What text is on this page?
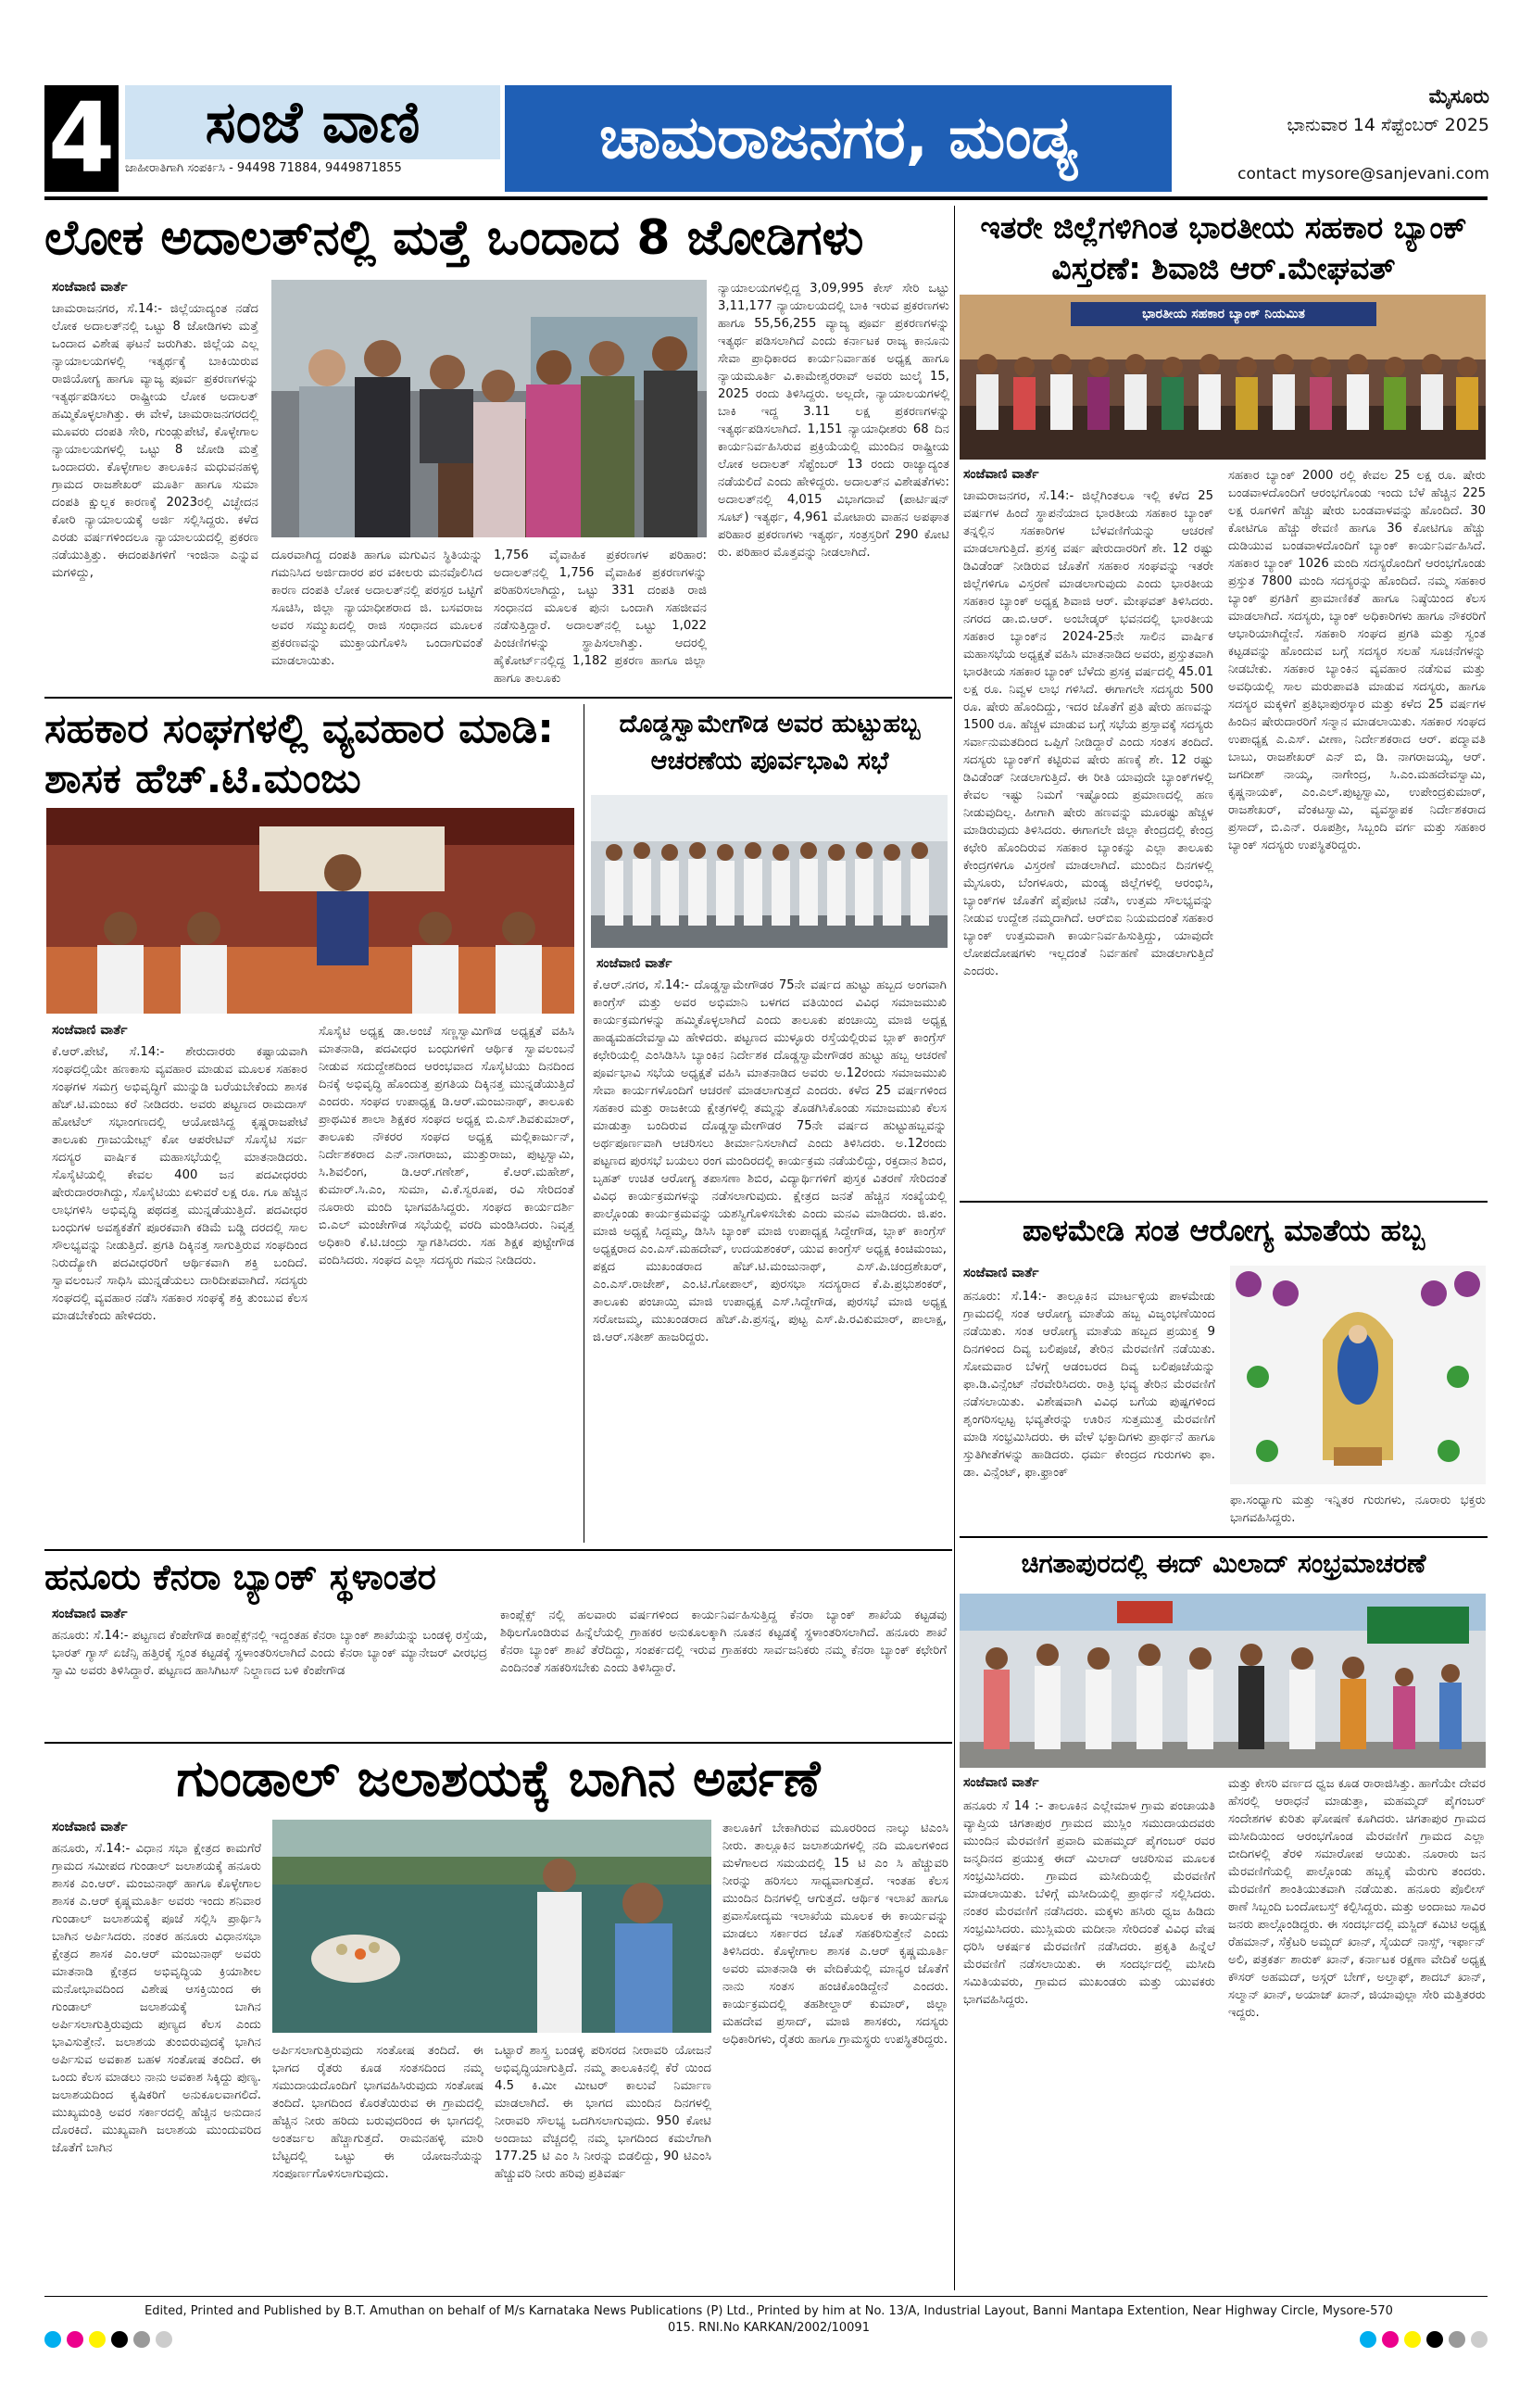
4 ಸಂಜೆ ವಾಣಿ
ಜಾಹೀರಾತಿಗಾಗಿ ಸಂಪರ್ಕಿಸಿ - 94498 71884, 9449871855	ಚಾಮರಾಜನಗರ, ಮಂಡ್ಯ
ಮೈಸೂರು
ಭಾನುವಾರ 14 ಸೆಪ್ಟೆಂಬರ್ 2025
contact mysore@sanjevani.com
ಲೋಕ ಅದಾಲತ್‌ನಲ್ಲಿ ಮತ್ತೆ ಒಂದಾದ 8 ಜೋಡಿಗಳು
ಸಂಜೆವಾಣಿ ವಾರ್ತೆ
ಚಾಮರಾಜನಗರ, ಸೆ.14:- ಜಿಲ್ಲೆಯಾದ್ಯಂತ ನಡೆದ ಲೋಕ ಅದಾಲತ್‌ನಲ್ಲಿ ಒಟ್ಟು 8 ಜೋಡಿಗಳು ಮತ್ತೆ ಒಂದಾದ ವಿಶೇಷ ಘಟನೆ ಜರುಗಿತು. ಜಿಲ್ಲೆಯ ಎಲ್ಲ ನ್ಯಾಯಾಲಯಗಳಲ್ಲಿ ಇತ್ಯರ್ಥಕ್ಕೆ ಬಾಕಿಯಿರುವ ರಾಜಿಯೋಗ್ಯ ಹಾಗೂ ವ್ಯಾಜ್ಯ ಪೂರ್ವ ಪ್ರಕರಣಗಳನ್ನು ಇತ್ಯರ್ಥಪಡಿಸಲು ರಾಷ್ಟ್ರೀಯ ಲೋಕ ಅದಾಲತ್ ಹಮ್ಮಿಕೊಳ್ಳಲಾಗಿತ್ತು. ಈ ವೇಳೆ, ಚಾಮರಾಜನಗರದಲ್ಲಿ ಮೂವರು ದಂಪತಿ ಸೇರಿ, ಗುಂಡ್ಲುಪೇಟೆ, ಕೊಳ್ಳೇಗಾಲ ನ್ಯಾಯಾಲಯಗಳಲ್ಲಿ ಒಟ್ಟು 8 ಜೋಡಿ ಮತ್ತೆ ಒಂದಾದರು. ಕೊಳ್ಳೇಗಾಲ ತಾಲೂಕಿನ ಮಧುವನಹಳ್ಳಿ ಗ್ರಾಮದ ರಾಜಶೇಖರ್ ಮೂರ್ತಿ ಹಾಗೂ ಸುಮಾ ದಂಪತಿ ಕ್ಷುಲ್ಲಕ ಕಾರಣಕ್ಕೆ 2023ರಲ್ಲಿ ವಿಚ್ಛೇದನ ಕೋರಿ ನ್ಯಾಯಾಲಯಕ್ಕೆ ಅರ್ಜಿ ಸಲ್ಲಿಸಿದ್ದರು. ಕಳೆದ ಎರಡು ವರ್ಷಗಳಿಂದಲೂ ನ್ಯಾಯಾಲಯದಲ್ಲಿ ಪ್ರಕರಣ ನಡೆಯುತ್ತಿತ್ತು. ಈದಂಪತಿಗಳಿಗೆ ಇಂಜಿನಾ ಎನ್ನುವ ಮಗಳಿದ್ದು,
ದೂರವಾಗಿದ್ದ ದಂಪತಿ ಹಾಗೂ ಮಗುವಿನ ಸ್ಥಿತಿಯನ್ನು ಗಮನಿಸಿದ ಅರ್ಜಿದಾರರ ಪರ ವಕೀಲರು ಮನವೊಲಿಸಿದ ಕಾರಣ ದಂಪತಿ ಲೋಕ ಅದಾಲತ್‌ನಲ್ಲಿ ಪರಸ್ಪರ ಒಟ್ಟಿಗೆ ಸೂಚಿಸಿ, ಜಿಲ್ಲಾ ನ್ಯಾಯಾಧೀಶರಾದ ಜಿ. ಬಸವರಾಜ ಅವರ ಸಮ್ಮುಖದಲ್ಲಿ ರಾಜಿ ಸಂಧಾನದ ಮೂಲಕ ಪ್ರಕರಣವನ್ನು ಮುಕ್ತಾಯಗೊಳಿಸಿ ಒಂದಾಗುವಂತೆ ಮಾಡಲಾಯಿತು.
1,756 ವೈವಾಹಿಕ ಪ್ರಕರಣಗಳ ಪರಿಹಾರ: ಅದಾಲತ್‌ನಲ್ಲಿ 1,756 ವೈವಾಹಿಕ ಪ್ರಕರಣಗಳನ್ನು ಪರಿಹರಿಸಲಾಗಿದ್ದು, ಒಟ್ಟು 331 ದಂಪತಿ ರಾಜಿ ಸಂಧಾನದ ಮೂಲಕ ಪುನಃ ಒಂದಾಗಿ ಸಹಜೀವನ ನಡೆಸುತ್ತಿದ್ದಾರೆ. ಅದಾಲತ್‌ನಲ್ಲಿ ಒಟ್ಟು 1,022 ಪಿಂಚಣಿಗಳನ್ನು ಸ್ಥಾಪಿಸಲಾಗಿತ್ತು. ಆದರಲ್ಲಿ ಹೈಕೋರ್ಟ್‌ನಲ್ಲಿದ್ದ 1,182 ಪ್ರಕರಣ ಹಾಗೂ ಜಿಲ್ಲಾ ಹಾಗೂ ತಾಲೂಕು
ನ್ಯಾಯಾಲಯಗಳಲ್ಲಿದ್ದ 3,09,995 ಕೇಸ್ ಸೇರಿ ಒಟ್ಟು 3,11,177 ನ್ಯಾಯಾಲಯದಲ್ಲಿ ಬಾಕಿ ಇರುವ ಪ್ರಕರಣಗಳು ಹಾಗೂ 55,56,255 ವ್ಯಾಜ್ಯ ಪೂರ್ವ ಪ್ರಕರಣಗಳನ್ನು ಇತ್ಯರ್ಥ ಪಡಿಸಲಾಗಿದೆ ಎಂದು ಕರ್ನಾಟಕ ರಾಜ್ಯ ಕಾನೂನು ಸೇವಾ ಪ್ರಾಧಿಕಾರದ ಕಾರ್ಯನಿರ್ವಾಹಕ ಅಧ್ಯಕ್ಷ ಹಾಗೂ ನ್ಯಾಯಮೂರ್ತಿ ವಿ.ಕಾಮೇಶ್ವರರಾವ್ ಅವರು ಜುಲೈ 15, 2025 ರಂದು ತಿಳಿಸಿದ್ದರು. ಅಲ್ಲದೇ, ನ್ಯಾಯಾಲಯಗಳಲ್ಲಿ ಬಾಕಿ ಇದ್ದ 3.11 ಲಕ್ಷ ಪ್ರಕರಣಗಳನ್ನು ಇತ್ಯರ್ಥಪಡಿಸಲಾಗಿದೆ. 1,151 ನ್ಯಾಯಾಧೀಶರು 68 ದಿನ ಕಾರ್ಯನಿರ್ವಹಿಸಿರುವ ಪ್ರಕ್ರಿಯೆಯಲ್ಲಿ ಮುಂದಿನ ರಾಷ್ಟ್ರೀಯ ಲೋಕ ಅದಾಲತ್ ಸೆಪ್ಟೆಂಬರ್ 13 ರಂದು ರಾಜ್ಯಾದ್ಯಂತ ನಡೆಯಲಿದೆ ಎಂದು ಹೇಳಿದ್ದರು. ಅದಾಲತ್‌ನ ವಿಶೇಷತೆಗಳು: ಅದಾಲತ್‌ನಲ್ಲಿ 4,015 ವಿಭಾಗದಾವೆ (ಪಾರ್ಟಿಷನ್ ಸೂಟ್) ಇತ್ಯರ್ಥ, 4,961 ಮೋಟಾರು ವಾಹನ ಅಪಘಾತ ಪರಿಹಾರ ಪ್ರಕರಣಗಳು ಇತ್ಯರ್ಥ, ಸಂತ್ರಸ್ತರಿಗೆ 290 ಕೋಟಿ ರು. ಪರಿಹಾರ ಮೊತ್ತವನ್ನು ನೀಡಲಾಗಿದೆ.
ಇತರೇ ಜಿಲ್ಲೆಗಳಿಗಿಂತ ಭಾರತೀಯ ಸಹಕಾರ ಬ್ಯಾಂಕ್ ವಿಸ್ತರಣೆ: ಶಿವಾಜಿ ಆರ್.ಮೇಘವತ್
ಭಾರತೀಯ ಸಹಕಾರ ಬ್ಯಾಂಕ್ ನಿಯಮಿತ
ಸಂಜೆವಾಣಿ ವಾರ್ತೆ
ಚಾಮರಾಜನಗರ, ಸೆ.14:- ಜಿಲ್ಲೆಗಿಂತಲೂ ಇಲ್ಲಿ ಕಳೆದ 25 ವರ್ಷಗಳ ಹಿಂದೆ ಸ್ಥಾಪನೆಯಾದ ಭಾರತೀಯ ಸಹಕಾರ ಬ್ಯಾಂಕ್ ತನ್ನಲ್ಲಿನ ಸಹಕಾರಿಗಳ ಬೆಳವಣಿಗೆಯನ್ನು ಆಚರಣೆ ಮಾಡಲಾಗುತ್ತಿದೆ. ಪ್ರಸಕ್ತ ವರ್ಷ ಷೇರುದಾರರಿಗೆ ಶೇ. 12 ರಷ್ಟು ಡಿವಿಡೆಂಡ್ ನೀಡಿರುವ ಜೊತೆಗೆ ಸಹಕಾರ ಸಂಘವನ್ನು ಇತರೇ ಜಿಲ್ಲೆಗಳಿಗೂ ವಿಸ್ತರಣೆ ಮಾಡಲಾಗುವುದು ಎಂದು ಭಾರತೀಯ ಸಹಕಾರ ಬ್ಯಾಂಕ್ ಅಧ್ಯಕ್ಷ ಶಿವಾಜಿ ಆರ್. ಮೇಘವತ್ ತಿಳಿಸಿದರು. ನಗರದ ಡಾ.ಬಿ.ಆರ್. ಅಂಬೇಡ್ಕರ್ ಭವನದಲ್ಲಿ ಭಾರತೀಯ ಸಹಕಾರ ಬ್ಯಾಂಕ್‌ನ 2024-25ನೇ ಸಾಲಿನ ವಾರ್ಷಿಕ ಮಹಾಸಭೆಯ ಅಧ್ಯಕ್ಷತೆ ವಹಿಸಿ ಮಾತನಾಡಿದ ಅವರು, ಪ್ರಸ್ತುತವಾಗಿ ಭಾರತೀಯ ಸಹಕಾರ ಬ್ಯಾಂಕ್ ಬೆಳೆದು ಪ್ರಸಕ್ತ ವರ್ಷದಲ್ಲಿ 45.01 ಲಕ್ಷ ರೂ. ನಿವ್ವಳ ಲಾಭ ಗಳಿಸಿದೆ. ಈಗಾಗಲೇ ಸದಸ್ಯರು 500 ರೂ. ಷೇರು ಹೊಂದಿದ್ದು, ಇದರ ಜೊತೆಗೆ ಪ್ರತಿ ಷೇರು ಹಣವನ್ನು 1500 ರೂ. ಹೆಚ್ಚಳ ಮಾಡುವ ಬಗ್ಗೆ ಸಭೆಯ ಪ್ರಸ್ತಾವಕ್ಕೆ ಸದಸ್ಯರು ಸರ್ವಾನುಮತದಿಂದ ಒಪ್ಪಿಗೆ ನೀಡಿದ್ದಾರೆ ಎಂದು ಸಂತಸ ತಂದಿದೆ. ಸದಸ್ಯರು ಬ್ಯಾಂಕ್‌ಗೆ ಕಟ್ಟಿರುವ ಷೇರು ಹಣಕ್ಕೆ ಶೇ. 12 ರಷ್ಟು ಡಿವಿಡೆಂಡ್ ನೀಡಲಾಗುತ್ತಿದೆ. ಈ ರೀತಿ ಯಾವುದೇ ಬ್ಯಾಂಕ್‌ಗಳಲ್ಲಿ ಕೇವಲ ಇಷ್ಟು ನಿಮಗೆ ಇಷ್ಟೊಂದು ಪ್ರಮಾಣದಲ್ಲಿ ಹಣ ನೀಡುವುದಿಲ್ಲ. ಹೀಗಾಗಿ ಷೇರು ಹಣವನ್ನು ಮೂರಷ್ಟು ಹೆಚ್ಚಳ ಮಾಡಿರುವುದು ತಿಳಿಸಿದರು. ಈಗಾಗಲೇ ಜಿಲ್ಲಾ ಕೇಂದ್ರದಲ್ಲಿ ಕೇಂದ್ರ ಕಛೇರಿ ಹೊಂದಿರುವ ಸಹಕಾರ ಬ್ಯಾಂಕನ್ನು ಎಲ್ಲಾ ತಾಲೂಕು ಕೇಂದ್ರಗಳಿಗೂ ವಿಸ್ತರಣೆ ಮಾಡಲಾಗಿದೆ. ಮುಂದಿನ ದಿನಗಳಲ್ಲಿ ಮೈಸೂರು, ಬೆಂಗಳೂರು, ಮಂಡ್ಯ ಜಿಲ್ಲೆಗಳಲ್ಲಿ ಆರಂಭಿಸಿ, ಬ್ಯಾಂಕ್‌ಗಳ ಜೊತೆಗೆ ಪೈಪೋಟಿ ನಡೆಸಿ, ಉತ್ತಮ ಸೌಲಭ್ಯವನ್ನು ನೀಡುವ ಉದ್ದೇಶ ನಮ್ಮದಾಗಿದೆ. ಆರ್‌ಬಿಐ ನಿಯಮದಂತೆ ಸಹಕಾರ ಬ್ಯಾಂಕ್ ಉತ್ತಮವಾಗಿ ಕಾರ್ಯನಿರ್ವಹಿಸುತ್ತಿದ್ದು, ಯಾವುದೇ ಲೋಪದೋಷಗಳು ಇಲ್ಲದಂತೆ ನಿರ್ವಹಣೆ ಮಾಡಲಾಗುತ್ತಿದೆ ಎಂದರು.
ಸಹಕಾರ ಬ್ಯಾಂಕ್ 2000 ರಲ್ಲಿ ಕೇವಲ 25 ಲಕ್ಷ ರೂ. ಷೇರು ಬಂಡವಾಳದೊಂದಿಗೆ ಆರಂಭಗೊಂಡು ಇಂದು ಬೆಳೆ ಹೆಚ್ಚಿನ 225 ಲಕ್ಷ ರೂಗಳಿಗೆ ಹೆಚ್ಚು ಷೇರು ಬಂಡವಾಳವನ್ನು ಹೊಂದಿದೆ. 30 ಕೋಟಿಗೂ ಹೆಚ್ಚು ಠೇವಣಿ ಹಾಗೂ 36 ಕೋಟಿಗೂ ಹೆಚ್ಚು ದುಡಿಯುವ ಬಂಡವಾಳದೊಂದಿಗೆ ಬ್ಯಾಂಕ್ ಕಾರ್ಯನಿರ್ವಹಿಸಿದೆ. ಸಹಕಾರ ಬ್ಯಾಂಕ್ 1026 ಮಂದಿ ಸದಸ್ಯರೊಂದಿಗೆ ಆರಂಭಗೊಂಡು ಪ್ರಸ್ತುತ 7800 ಮಂದಿ ಸದಸ್ಯರನ್ನು ಹೊಂದಿದೆ. ನಮ್ಮ ಸಹಕಾರ ಬ್ಯಾಂಕ್ ಪ್ರಗತಿಗೆ ಪ್ರಾಮಾಣಿಕತೆ ಹಾಗೂ ನಿಷ್ಠೆಯಿಂದ ಕೆಲಸ ಮಾಡಲಾಗಿದೆ. ಸದಸ್ಯರು, ಬ್ಯಾಂಕ್ ಅಧಿಕಾರಿಗಳು ಹಾಗೂ ನೌಕರರಿಗೆ ಆಭಾರಿಯಾಗಿದ್ದೇನೆ. ಸಹಕಾರಿ ಸಂಘದ ಪ್ರಗತಿ ಮತ್ತು ಸ್ವಂತ ಕಟ್ಟಡವನ್ನು ಹೊಂದುವ ಬಗ್ಗೆ ಸದಸ್ಯರ ಸಲಹೆ ಸೂಚನೆಗಳನ್ನು ನೀಡಬೇಕು. ಸಹಕಾರ ಬ್ಯಾಂಕಿನ ವ್ಯವಹಾರ ನಡೆಸುವ ಮತ್ತು ಅವಧಿಯಲ್ಲಿ ಸಾಲ ಮರುಪಾವತಿ ಮಾಡುವ ಸದಸ್ಯರು, ಹಾಗೂ ಸದಸ್ಯರ ಮಕ್ಕಳಿಗೆ ಪ್ರತಿಭಾಪುರಸ್ಕಾರ ಮತ್ತು ಕಳೆದ 25 ವರ್ಷಗಳ ಹಿಂದಿನ ಷೇರುದಾರರಿಗೆ ಸನ್ಮಾನ ಮಾಡಲಾಯಿತು. ಸಹಕಾರ ಸಂಘದ ಉಪಾಧ್ಯಕ್ಷ ಎ.ಎಸ್. ವೀಣಾ, ನಿರ್ದೇಶಕರಾದ ಆರ್. ಪದ್ಮಾವತಿ ಬಾಬು, ರಾಜಶೇಖರ್ ಎನ್ ಬಿ, ಡಿ. ನಾಗರಾಜಯ್ಯ, ಆರ್. ಜಗದೀಶ್ ನಾಯ್ಕ, ನಾಗೇಂದ್ರ, ಸಿ.ಎಂ.ಮಹದೇವಸ್ವಾಮಿ, ಕೃಷ್ಣನಾಯಕ್, ಎಂ.ಎಲ್.ಪುಟ್ಟಸ್ವಾಮಿ, ಉಪೇಂದ್ರಕುಮಾರ್, ರಾಜಶೇಖರ್, ವೆಂಕಟಸ್ವಾಮಿ, ವ್ಯವಸ್ಥಾಪಕ ನಿರ್ದೇಶಕರಾದ ಪ್ರಸಾದ್, ಬಿ.ಎನ್. ರೂಪಶ್ರೀ, ಸಿಬ್ಬಂದಿ ವರ್ಗ ಮತ್ತು ಸಹಕಾರ ಬ್ಯಾಂಕ್ ಸದಸ್ಯರು ಉಪಸ್ಥಿತರಿದ್ದರು.
ಸಹಕಾರ ಸಂಘಗಳಲ್ಲಿ ವ್ಯವಹಾರ ಮಾಡಿ: ಶಾಸಕ ಹೆಚ್.ಟಿ.ಮಂಜು
ಸಂಜೆವಾಣಿ ವಾರ್ತೆ
ಕೆ.ಆರ್.ಪೇಟೆ, ಸೆ.14:- ಶೇರುದಾರರು ಕಷ್ಟಾಯವಾಗಿ ಸಂಘದಲ್ಲಿಯೇ ಹಣಕಾಸು ವ್ಯವಹಾರ ಮಾಡುವ ಮೂಲಕ ಸಹಕಾರ ಸಂಘಗಳ ಸಮಗ್ರ ಅಭಿವೃದ್ಧಿಗೆ ಮುನ್ನುಡಿ ಬರೆಯಬೇಕೆಂದು ಶಾಸಕ ಹೆಚ್.ಟಿ.ಮಂಜು ಕರೆ ನೀಡಿದರು. ಅವರು ಪಟ್ಟಣದ ರಾಮದಾಸ್ ಹೋಟೆಲ್ ಸಭಾಂಗಣದಲ್ಲಿ ಆಯೋಜಿಸಿದ್ದ ಕೃಷ್ಣರಾಜಪೇಟೆ ತಾಲೂಕು ಗ್ರಾಜುಯೇಟ್ಸ್ ಕೋ ಆಪರೇಟಿವ್ ಸೊಸೈಟಿ ಸರ್ವ ಸದಸ್ಯರ ವಾರ್ಷಿಕ ಮಹಾಸಭೆಯಲ್ಲಿ ಮಾತನಾಡಿದರು. ಸೊಸೈಟಿಯಲ್ಲಿ ಕೇವಲ 400 ಜನ ಪದವೀಧರರು ಷೇರುದಾರರಾಗಿದ್ದು, ಸೊಸೈಟಿಯು ಏಳುವರೆ ಲಕ್ಷ ರೂ. ಗೂ ಹೆಚ್ಚಿನ ಲಾಭಗಳಿಸಿ ಅಭಿವೃದ್ಧಿ ಪಥದತ್ತ ಮುನ್ನಡೆಯುತ್ತಿದೆ. ಪದವೀಧರ ಬಂಧುಗಳ ಅವಶ್ಯಕತೆಗೆ ಪೂರಕವಾಗಿ ಕಡಿಮೆ ಬಡ್ಡಿ ದರದಲ್ಲಿ ಸಾಲ ಸೌಲಭ್ಯವನ್ನು ನೀಡುತ್ತಿದೆ. ಪ್ರಗತಿ ದಿಕ್ಕಿನತ್ತ ಸಾಗುತ್ತಿರುವ ಸಂಘದಿಂದ ನಿರುದ್ಯೋಗಿ ಪದವೀಧರರಿಗೆ ಆರ್ಥಿಕವಾಗಿ ಶಕ್ತಿ ಬಂದಿದೆ. ಸ್ವಾವಲಂಬನೆ ಸಾಧಿಸಿ ಮುನ್ನಡೆಯಲು ದಾರಿದೀಪವಾಗಿದೆ. ಸದಸ್ಯರು ಸಂಘದಲ್ಲಿ ವ್ಯವಹಾರ ನಡೆಸಿ ಸಹಕಾರ ಸಂಘಕ್ಕೆ ಶಕ್ತಿ ತುಂಬುವ ಕೆಲಸ ಮಾಡಬೇಕೆಂದು ಹೇಳಿದರು.
ಸೊಸೈಟಿ ಅಧ್ಯಕ್ಷ ಡಾ.ಅಂಚೆ ಸಣ್ಣಸ್ವಾಮಿಗೌಡ ಅಧ್ಯಕ್ಷತೆ ವಹಿಸಿ ಮಾತನಾಡಿ, ಪದವೀಧರ ಬಂಧುಗಳಿಗೆ ಆರ್ಥಿಕ ಸ್ವಾವಲಂಬನೆ ನೀಡುವ ಸದುದ್ದೇಶದಿಂದ ಆರಂಭವಾದ ಸೊಸೈಟಿಯು ದಿನದಿಂದ ದಿನಕ್ಕೆ ಅಭಿವೃದ್ಧಿ ಹೊಂದುತ್ತ ಪ್ರಗತಿಯ ದಿಕ್ಕಿನತ್ತ ಮುನ್ನಡೆಯುತ್ತಿದೆ ಎಂದರು. ಸಂಘದ ಉಪಾಧ್ಯಕ್ಷ ಡಿ.ಆರ್.ಮಂಜುನಾಥ್, ತಾಲೂಕು ಪ್ರಾಥಮಿಕ ಶಾಲಾ ಶಿಕ್ಷಕರ ಸಂಘದ ಅಧ್ಯಕ್ಷ ಬಿ.ಎಸ್.ಶಿವಕುಮಾರ್, ತಾಲೂಕು ನೌಕರರ ಸಂಘದ ಅಧ್ಯಕ್ಷ ಮಲ್ಲಿಕಾರ್ಜುನ್, ನಿರ್ದೇಶಕರಾದ ಎನ್.ನಾಗರಾಜು, ಮುತ್ತುರಾಜು, ಪುಟ್ಟಸ್ವಾಮಿ, ಸಿ.ಶಿವಲಿಂಗ, ಡಿ.ಆರ್.ಗಣೇಶ್, ಕೆ.ಆರ್.ಮಹೇಶ್, ಕುಮಾರ್.ಸಿ.ಎಂ, ಸುಮಾ, ವಿ.ಕೆ.ಸ್ವರೂಪ, ರವಿ ಸೇರಿದಂತೆ ನೂರಾರು ಮಂದಿ ಭಾಗವಹಿಸಿದ್ದರು. ಸಂಘದ ಕಾರ್ಯದರ್ಶಿ ಬಿ.ಎಲ್ ಮಂಜೇಗೌಡ ಸಭೆಯಲ್ಲಿ ವರದಿ ಮಂಡಿಸಿದರು. ನಿವೃತ್ತ ಅಧಿಕಾರಿ ಕೆ.ಟಿ.ಚಂದ್ರು ಸ್ವಾಗತಿಸಿದರು. ಸಹ ಶಿಕ್ಷಕ ಪುಟ್ಟೇಗೌಡ ವಂದಿಸಿದರು. ಸಂಘದ ಎಲ್ಲಾ ಸದಸ್ಯರು ಗಮನ ನೀಡಿದರು.
ದೊಡ್ಡಸ್ವಾಮೇಗೌಡ ಅವರ ಹುಟ್ಟುಹಬ್ಬ ಆಚರಣೆಯ ಪೂರ್ವಭಾವಿ ಸಭೆ
ಸಂಜೆವಾಣಿ ವಾರ್ತೆ
ಕೆ.ಆರ್.ನಗರ, ಸೆ.14:- ದೊಡ್ಡಸ್ವಾಮೇಗೌಡರ 75ನೇ ವರ್ಷದ ಹುಟ್ಟು ಹಬ್ಬದ ಅಂಗವಾಗಿ ಕಾಂಗ್ರೆಸ್ ಮತ್ತು ಅವರ ಅಭಿಮಾನಿ ಬಳಗದ ವತಿಯಿಂದ ವಿವಿಧ ಸಮಾಜಮುಖಿ ಕಾರ್ಯಕ್ರಮಗಳನ್ನು ಹಮ್ಮಿಕೊಳ್ಳಲಾಗಿದೆ ಎಂದು ತಾಲೂಕು ಪಂಚಾಯ್ತಿ ಮಾಜಿ ಅಧ್ಯಕ್ಷ ಹಾಡ್ಯಮಹದೇವಸ್ವಾಮಿ ಹೇಳಿದರು. ಪಟ್ಟಣದ ಮುಳ್ಳೂರು ರಸ್ತೆಯಲ್ಲಿರುವ ಬ್ಲಾಕ್ ಕಾಂಗ್ರೆಸ್ ಕಛೇರಿಯಲ್ಲಿ ಎಂಸಿಡಿಸಿಸಿ ಬ್ಯಾಂಕಿನ ನಿರ್ದೇಶಕ ದೊಡ್ಡಸ್ವಾಮೇಗೌಡರ ಹುಟ್ಟು ಹಬ್ಬ ಆಚರಣೆ ಪೂರ್ವಭಾವಿ ಸಭೆಯ ಅಧ್ಯಕ್ಷತೆ ವಹಿಸಿ ಮಾತನಾಡಿದ ಅವರು ಅ.12ರಂದು ಸಮಾಜಮುಖಿ ಸೇವಾ ಕಾರ್ಯಗಳೊಂದಿಗೆ ಆಚರಣೆ ಮಾಡಲಾಗುತ್ತದೆ ಎಂದರು. ಕಳೆದ 25 ವರ್ಷಗಳಿಂದ ಸಹಕಾರ ಮತ್ತು ರಾಜಕೀಯ ಕ್ಷೇತ್ರಗಳಲ್ಲಿ ತಮ್ಮನ್ನು ತೊಡಗಿಸಿಕೊಂಡು ಸಮಾಜಮುಖಿ ಕೆಲಸ ಮಾಡುತ್ತಾ ಬಂದಿರುವ ದೊಡ್ಡಸ್ವಾಮೇಗೌಡರ 75ನೇ ವರ್ಷದ ಹುಟ್ಟುಹಬ್ಬವನ್ನು ಅರ್ಥಪೂರ್ಣವಾಗಿ ಆಚರಿಸಲು ತೀರ್ಮಾನಿಸಲಾಗಿದೆ ಎಂದು ತಿಳಿಸಿದರು. ಅ.12ರಂದು ಪಟ್ಟಣದ ಪುರಸಭೆ ಬಯಲು ರಂಗ ಮಂದಿರದಲ್ಲಿ ಕಾರ್ಯಕ್ರಮ ನಡೆಯಲಿದ್ದು, ರಕ್ತದಾನ ಶಿಬಿರ, ಬೃಹತ್ ಉಚಿತ ಆರೋಗ್ಯ ತಪಾಸಣಾ ಶಿಬಿರ, ವಿದ್ಯಾರ್ಥಿಗಳಿಗೆ ಪುಸ್ತಕ ವಿತರಣೆ ಸೇರಿದಂತೆ ವಿವಿಧ ಕಾರ್ಯಕ್ರಮಗಳನ್ನು ನಡೆಸಲಾಗುವುದು. ಕ್ಷೇತ್ರದ ಜನತೆ ಹೆಚ್ಚಿನ ಸಂಖ್ಯೆಯಲ್ಲಿ ಪಾಲ್ಗೊಂಡು ಕಾರ್ಯಕ್ರಮವನ್ನು ಯಶಸ್ವಿಗೊಳಿಸಬೇಕು ಎಂದು ಮನವಿ ಮಾಡಿದರು. ಜಿ.ಪಂ. ಮಾಜಿ ಅಧ್ಯಕ್ಷೆ ಸಿದ್ದಮ್ಮ, ಡಿಸಿಸಿ ಬ್ಯಾಂಕ್ ಮಾಜಿ ಉಪಾಧ್ಯಕ್ಷ ಸಿದ್ದೇಗೌಡ, ಬ್ಲಾಕ್ ಕಾಂಗ್ರೆಸ್ ಅಧ್ಯಕ್ಷರಾದ ಎಂ.ಎಸ್.ಮಹದೇವ್, ಉದಯಶಂಕರ್, ಯುವ ಕಾಂಗ್ರೆಸ್ ಅಧ್ಯಕ್ಷ ಕಿಂಚಿಮಂಜು, ಪಕ್ಷದ ಮುಖಂಡರಾದ ಹೆಚ್.ಟಿ.ಮಂಜುನಾಥ್, ಎಸ್.ಪಿ.ಚಂದ್ರಶೇಖರ್, ಎಂ.ಎಸ್.ರಾಜೇಶ್, ಎಂ.ಟಿ.ಗೋಪಾಲ್, ಪುರಸಭಾ ಸದಸ್ಯರಾದ ಕೆ.ಪಿ.ಪ್ರಭುಶಂಕರ್, ತಾಲೂಕು ಪಂಚಾಯ್ತಿ ಮಾಜಿ ಉಪಾಧ್ಯಕ್ಷ ಎಸ್.ಸಿದ್ದೇಗೌಡ, ಪುರಸಭೆ ಮಾಜಿ ಅಧ್ಯಕ್ಷ ಸರೋಜಮ್ಮ, ಮುಖಂಡರಾದ ಹೆಚ್.ಪಿ.ಪ್ರಸನ್ನ, ಪುಟ್ಟ ಎಸ್.ಪಿ.ರವಿಕುಮಾರ್, ಪಾಲಾಕ್ಷ, ಜಿ.ಆರ್.ಸತೀಶ್ ಹಾಜರಿದ್ದರು.
ಪಾಳಮೇಡಿ ಸಂತ ಆರೋಗ್ಯ ಮಾತೆಯ ಹಬ್ಬ
ಸಂಜೆವಾಣಿ ವಾರ್ತೆ
ಹನೂರು: ಸೆ.14:- ತಾಲ್ಲೂಕಿನ ಮಾರ್ಟಳ್ಳಿಯ ಪಾಳಮೇಡು ಗ್ರಾಮದಲ್ಲಿ ಸಂತ ಆರೋಗ್ಯ ಮಾತೆಯ ಹಬ್ಬ ವಿಜೃಂಭಣೆಯಿಂದ ನಡೆಯಿತು. ಸಂತ ಆರೋಗ್ಯ ಮಾತೆಯ ಹಬ್ಬದ ಪ್ರಯುಕ್ತ 9 ದಿನಗಳಿಂದ ದಿವ್ಯ ಬಲಿಪೂಜೆ, ತೇರಿನ ಮೆರವಣಿಗೆ ನಡೆಯಿತು. ಸೋಮವಾರ ಬೆಳಗ್ಗೆ ಆಡಂಬರದ ದಿವ್ಯ ಬಲಿಪೂಜೆಯನ್ನು ಫಾ.ಡಿ.ವಿನ್ಸೆಂಟ್ ನೆರವೇರಿಸಿದರು. ರಾತ್ರಿ ಭವ್ಯ ತೇರಿನ ಮೆರವಣಿಗೆ ನಡೆಸಲಾಯಿತು. ವಿಶೇಷವಾಗಿ ವಿವಿಧ ಬಗೆಯ ಪುಷ್ಪಗಳಿಂದ ಶೃಂಗರಿಸಲ್ಪಟ್ಟ ಭವ್ಯತೇರನ್ನು ಊರಿನ ಸುತ್ತಮುತ್ತ ಮೆರವಣಿಗೆ ಮಾಡಿ ಸಂಭ್ರಮಿಸಿದರು. ಈ ವೇಳೆ ಭಕ್ತಾದಿಗಳು ಪ್ರಾರ್ಥನೆ ಹಾಗೂ ಸ್ತುತಿಗೀತೆಗಳನ್ನು ಹಾಡಿದರು. ಧರ್ಮ ಕೇಂದ್ರದ ಗುರುಗಳು ಫಾ. ಡಾ. ವಿನ್ಸೆಂಟ್, ಫಾ.ಫ್ರಾಂಕ್
ಫಾ.ಸಂಧ್ಯಾಗು ಮತ್ತು ಇನ್ನಿತರ ಗುರುಗಳು, ನೂರಾರು ಭಕ್ತರು ಭಾಗವಹಿಸಿದ್ದರು.
ಹನೂರು ಕೆನರಾ ಬ್ಯಾಂಕ್ ಸ್ಥಳಾಂತರ
ಸಂಜೆವಾಣಿ ವಾರ್ತೆ
ಹನೂರು: ಸೆ.14:- ಪಟ್ಟಣದ ಕೆಂಪೇಗೌಡ ಕಾಂಪ್ಲೆಕ್ಸ್‌ನಲ್ಲಿ ಇದ್ದಂತಹ ಕೆನರಾ ಬ್ಯಾಂಕ್ ಶಾಖೆಯನ್ನು ಬಂಡಳ್ಳಿ ರಸ್ತೆಯ, ಭಾರತ್ ಗ್ಯಾಸ್ ಏಜೆನ್ಸಿ ಹತ್ತಿರಕ್ಕೆ ಸ್ವಂತ ಕಟ್ಟಡಕ್ಕೆ ಸ್ಥಳಾಂತರಿಸಲಾಗಿದೆ ಎಂದು ಕೆನರಾ ಬ್ಯಾಂಕ್ ಮ್ಯಾನೇಜರ್ ವೀರಭದ್ರ ಸ್ವಾಮಿ ಅವರು ತಿಳಿಸಿದ್ದಾರೆ. ಪಟ್ಟಣದ ಹಾಸಿಗಿಟಸ್ ನಿಲ್ದಾಣದ ಬಳಿ ಕೆಂಪೇಗೌಡ
ಕಾಂಪ್ಲೆಕ್ಸ್ ನಲ್ಲಿ ಹಲವಾರು ವರ್ಷಗಳಿಂದ ಕಾರ್ಯನಿರ್ವಹಿಸುತ್ತಿದ್ದ ಕೆನರಾ ಬ್ಯಾಂಕ್ ಶಾಖೆಯ ಕಟ್ಟಡವು ಶಿಥಿಲಗೊಂಡಿರುವ ಹಿನ್ನೆಲೆಯಲ್ಲಿ ಗ್ರಾಹಕರ ಅನುಕೂಲಕ್ಕಾಗಿ ನೂತನ ಕಟ್ಟಡಕ್ಕೆ ಸ್ಥಳಾಂತರಿಸಲಾಗಿದೆ. ಹನೂರು ಶಾಖೆ ಕೆನರಾ ಬ್ಯಾಂಕ್ ಶಾಖೆ ತೆರೆದಿದ್ದು, ಸಂಪರ್ಕದಲ್ಲಿ ಇರುವ ಗ್ರಾಹಕರು ಸಾರ್ವಜನಿಕರು ನಮ್ಮ ಕೆನರಾ ಬ್ಯಾಂಕ್ ಕಛೇರಿಗೆ ಎಂದಿನಂತೆ ಸಹಕರಿಸಬೇಕು ಎಂದು ತಿಳಿಸಿದ್ದಾರೆ.
ಚಿಗತಾಪುರದಲ್ಲಿ ಈದ್ ಮಿಲಾದ್ ಸಂಭ್ರಮಾಚರಣೆ
ಸಂಜೆವಾಣಿ ವಾರ್ತೆ
ಹನೂರು ಸೆ 14 :- ತಾಲೂಕಿನ ಎಲ್ಲೇಮಾಳ ಗ್ರಾಮ ಪಂಚಾಯತಿ ವ್ಯಾಪ್ತಿಯ ಚಿಗತಾಪುರ ಗ್ರಾಮದ ಮುಸ್ಲಿಂ ಸಮುದಾಯದವರು ಮುಂದಿನ ಮೆರವಣಿಗೆ ಪ್ರವಾದಿ ಮಹಮ್ಮದ್ ಪೈಗಂಬರ್ ರವರ ಜನ್ಮದಿನದ ಪ್ರಯುಕ್ತ ಈದ್ ಮಿಲಾದ್ ಆಚರಿಸುವ ಮೂಲಕ ಸಂಭ್ರಮಿಸಿದರು. ಗ್ರಾಮದ ಮಸೀದಿಯಲ್ಲಿ ಮೆರವಣಿಗೆ ಮಾಡಲಾಯಿತು. ಬೆಳಿಗ್ಗೆ ಮಸೀದಿಯಲ್ಲಿ ಪ್ರಾರ್ಥನೆ ಸಲ್ಲಿಸಿದರು. ನಂತರ ಮೆರವಣಿಗೆ ನಡೆಸಿದರು. ಮಕ್ಕಳು ಹಸಿರು ಧ್ವಜ ಹಿಡಿದು ಸಂಭ್ರಮಿಸಿದರು. ಮುಸ್ಲಿಮರು ಮದೀನಾ ಸೇರಿದಂತೆ ವಿವಿಧ ವೇಷ ಧರಿಸಿ ಆಕರ್ಷಕ ಮೆರವಣಿಗೆ ನಡೆಸಿದರು. ಪ್ರಕೃತಿ ಹಿನ್ನೆಲೆ ಮೆರವಣಿಗೆ ನಡೆಸಲಾಯಿತು. ಈ ಸಂದರ್ಭದಲ್ಲಿ ಮಸೀದಿ ಸಮಿತಿಯವರು, ಗ್ರಾಮದ ಮುಖಂಡರು ಮತ್ತು ಯುವಕರು ಭಾಗವಹಿಸಿದ್ದರು.
ಮತ್ತು ಕೇಸರಿ ವರ್ಣದ ಧ್ವಜ ಕೂಡ ರಾರಾಜಿಸಿತ್ತು. ಹಾಗೆಯೇ ದೇವರ ಹೆಸರಲ್ಲಿ ಆರಾಧನೆ ಮಾಡುತ್ತಾ, ಮಹಮ್ಮದ್ ಪೈಗಂಬರ್ ಸಂದೇಶಗಳ ಕುರಿತು ಘೋಷಣೆ ಕೂಗಿದರು. ಚಿಗತಾಪುರ ಗ್ರಾಮದ ಮಸೀದಿಯಿಂದ ಆರಂಭಗೊಂಡ ಮೆರವಣಿಗೆ ಗ್ರಾಮದ ಎಲ್ಲಾ ಬೀದಿಗಳಲ್ಲಿ ತೆರಳಿ ಸಮಾರೋಪ ಆಯಿತು. ನೂರಾರು ಜನ ಮೆರವಣಿಗೆಯಲ್ಲಿ ಪಾಲ್ಗೊಂಡು ಹಬ್ಬಕ್ಕೆ ಮೆರುಗು ತಂದರು. ಮೆರವಣಿಗೆ ಶಾಂತಿಯುತವಾಗಿ ನಡೆಯಿತು. ಹನೂರು ಪೊಲೀಸ್ ಠಾಣೆ ಸಿಬ್ಬಂದಿ ಬಂದೋಬಸ್ತ್ ಕಲ್ಪಿಸಿದ್ದರು. ಮತ್ತು ಅಂದಾಜು ಸಾವಿರ ಜನರು ಪಾಲ್ಗೊಂಡಿದ್ದರು. ಈ ಸಂದರ್ಭದಲ್ಲಿ ಮಸ್ಜಿದ್ ಕಮಿಟಿ ಅಧ್ಯಕ್ಷ ರೆಹಮಾನ್, ಸೆಕ್ರೆಟರಿ ಅಮ್ಜದ್ ಖಾನ್, ಸೈಯದ್ ನಾಸ್ಸ್, ಇರ್ಫಾನ್ ಅಲಿ, ಪತ್ರಕರ್ತ ಶಾರುಕ್ ಖಾನ್, ಕರ್ನಾಟಕ ರಕ್ಷಣಾ ವೇದಿಕೆ ಅಧ್ಯಕ್ಷ ಕೌಸರ್ ಅಹಮದ್, ಅಸ್ಗರ್ ಬೇಗ್, ಅಲ್ತಾಫ್, ಶಾದಬ್ ಖಾನ್, ಸಲ್ಮಾನ್ ಖಾನ್, ಅಯಾಜ್ ಖಾನ್, ಜಿಯಾವುಲ್ಲಾ ಸೇರಿ ಮತ್ತಿತರರು ಇದ್ದರು.
ಗುಂಡಾಲ್ ಜಲಾಶಯಕ್ಕೆ ಬಾಗಿನ ಅರ್ಪಣೆ
ಸಂಜೆವಾಣಿ ವಾರ್ತೆ
ಹನೂರು, ಸೆ.14:- ವಿಧಾನ ಸಭಾ ಕ್ಷೇತ್ರದ ಕಾಮಗೆರೆ ಗ್ರಾಮದ ಸಮೀಪದ ಗುಂಡಾಲ್ ಜಲಾಶಯಕ್ಕೆ ಹನೂರು ಶಾಸಕ ಎಂ.ಆರ್. ಮಂಜುನಾಥ್ ಹಾಗೂ ಕೊಳ್ಳೇಗಾಲ ಶಾಸಕ ಎ.ಆರ್ ಕೃಷ್ಣಮೂರ್ತಿ ಅವರು ಇಂದು ಶನಿವಾರ ಗುಂಡಾಲ್ ಜಲಾಶಯಕ್ಕೆ ಪೂಜೆ ಸಲ್ಲಿಸಿ ಪ್ರಾರ್ಥಿಸಿ ಬಾಗಿನ ಅರ್ಪಿಸಿದರು. ನಂತರ ಹನೂರು ವಿಧಾನಸಭಾ ಕ್ಷೇತ್ರದ ಶಾಸಕ ಎಂ.ಆರ್ ಮಂಜುನಾಥ್ ಅವರು ಮಾತನಾಡಿ ಕ್ಷೇತ್ರದ ಅಭಿವೃದ್ಧಿಯ ಕ್ರಿಯಾಶೀಲ ಮನೋಭಾವದಿಂದ ವಿಶೇಷ ಆಸಕ್ತಿಯಿಂದ ಈ ಗುಂಡಾಲ್ ಜಲಾಶಯಕ್ಕೆ ಬಾಗಿನ ಅರ್ಪಿಸಲಾಗುತ್ತಿರುವುದು ಪುಣ್ಯದ ಕೆಲಸ ಎಂದು ಭಾವಿಸುತ್ತೇನೆ. ಜಲಾಶಯ ತುಂಬಿರುವುದಕ್ಕೆ ಭಾಗಿನ ಅರ್ಪಿಸುವ ಅವಕಾಶ ಬಹಳ ಸಂತೋಷ ತಂದಿದೆ. ಈ ಒಂದು ಕೆಲಸ ಮಾಡಲು ನಾನು ಅವಕಾಶ ಸಿಕ್ಕಿದ್ದು ಪುಣ್ಯ. ಜಲಾಶಯದಿಂದ ಕೃಷಿಕರಿಗೆ ಅನುಕೂಲವಾಗಲಿದೆ. ಮುಖ್ಯಮಂತ್ರಿ ಅವರ ಸರ್ಕಾರದಲ್ಲಿ ಹೆಚ್ಚಿನ ಅನುದಾನ ದೊರಕಿದೆ. ಮುಖ್ಯವಾಗಿ ಜಲಾಶಯ ಮುಂದುವರಿದ ಜೊತೆಗೆ ಬಾಗಿನ
ಅರ್ಪಿಸಲಾಗುತ್ತಿರುವುದು ಸಂತೋಷ ತಂದಿದೆ. ಈ ಭಾಗದ ರೈತರು ಕೂಡ ಸಂತಸದಿಂದ ನಮ್ಮ ಸಮುದಾಯದೊಂದಿಗೆ ಭಾಗವಹಿಸಿರುವುದು ಸಂತೋಷ ತಂದಿದೆ. ಭಾಗದಿಂದ ಕೊರತೆಯಿರುವ ಈ ಗ್ರಾಮದಲ್ಲಿ ಹೆಚ್ಚಿನ ನೀರು ಹರಿದು ಬರುವುದರಿಂದ ಈ ಭಾಗದಲ್ಲಿ ಅಂತರ್ಜಲ ಹೆಚ್ಚಾಗುತ್ತದೆ. ರಾಮನಹಳ್ಳಿ ಮಾರಿ ಬೆಟ್ಟದಲ್ಲಿ ಒಟ್ಟು ಈ ಯೋಜನೆಯನ್ನು ಸಂಪೂರ್ಣಗೊಳಿಸಲಾಗುವುದು.
ಒಟ್ಟಾರೆ ಶಾಸ್ತ್ರ ಬಂಡಳ್ಳಿ ಪರಿಸರದ ನೀರಾವರಿ ಯೋಜನೆ ಅಭಿವೃದ್ಧಿಯಾಗುತ್ತಿದೆ. ನಮ್ಮ ತಾಲೂಕಿನಲ್ಲಿ ಕೆರೆ ಯಿಂದ 4.5 ಕಿ.ಮೀ ಮೀಟರ್ ಕಾಲುವೆ ನಿರ್ಮಾಣ ಮಾಡಲಾಗಿದೆ. ಈ ಭಾಗದ ಮುಂದಿನ ದಿನಗಳಲ್ಲಿ ನೀರಾವರಿ ಸೌಲಭ್ಯ ಒದಗಿಸಲಾಗುವುದು. 950 ಕೋಟಿ ಅಂದಾಜು ವೆಚ್ಚದಲ್ಲಿ ನಮ್ಮ ಭಾಗದಿಂದ ಕಮಲೆಗಾಗಿ 177.25 ಟಿ ಎಂ ಸಿ ನೀರನ್ನು ಬಿಡಲಿದ್ದು, 90 ಟಿಎಂಸಿ ಹೆಚ್ಚುವರಿ ನೀರು ಹರಿವು ಪ್ರತಿವರ್ಷ
ತಾಲೂಕಿಗೆ ಬೇಕಾಗಿರುವ ಮೂರರಿಂದ ನಾಲ್ಕು ಟಿಎಂಸಿ ನೀರು. ತಾಲ್ಲೂಕಿನ ಜಲಾಶಯಗಳಲ್ಲಿ ನದಿ ಮೂಲಗಳಿಂದ ಮಳೆಗಾಲದ ಸಮಯದಲ್ಲಿ 15 ಟಿ ಎಂ ಸಿ ಹೆಚ್ಚುವರಿ ನೀರನ್ನು ಹರಿಸಲು ಸಾಧ್ಯವಾಗುತ್ತದೆ. ಇಂತಹ ಕೆಲಸ ಮುಂದಿನ ದಿನಗಳಲ್ಲಿ ಆಗುತ್ತದೆ. ಆರ್ಥಿಕ ಇಲಾಖೆ ಹಾಗೂ ಪ್ರವಾಸೋದ್ಯಮ ಇಲಾಖೆಯ ಮೂಲಕ ಈ ಕಾರ್ಯವನ್ನು ಮಾಡಲು ಸರ್ಕಾರದ ಜೊತೆ ಸಹಕರಿಸುತ್ತೇನೆ ಎಂದು ತಿಳಿಸಿದರು. ಕೊಳ್ಳೇಗಾಲ ಶಾಸಕ ಎ.ಆರ್ ಕೃಷ್ಣಮೂರ್ತಿ ಅವರು ಮಾತನಾಡಿ ಈ ವೇದಿಕೆಯಲ್ಲಿ ಮಾನ್ಯರ ಜೊತೆಗೆ ನಾನು ಸಂತಸ ಹಂಚಿಕೊಂಡಿದ್ದೇನೆ ಎಂದರು. ಕಾರ್ಯಕ್ರಮದಲ್ಲಿ ತಹಶೀಲ್ದಾರ್ ಕುಮಾರ್, ಜಿಲ್ಲಾ ಮಹದೇವ ಪ್ರಸಾದ್, ಮಾಜಿ ಶಾಸಕರು, ಸದಸ್ಯರು ಅಧಿಕಾರಿಗಳು, ರೈತರು ಹಾಗೂ ಗ್ರಾಮಸ್ಥರು ಉಪಸ್ಥಿತರಿದ್ದರು.
Edited, Printed and Published by B.T. Amuthan on behalf of M/s Karnataka News Publications (P) Ltd., Printed by him at No. 13/A, Industrial Layout, Banni Mantapa Extention, Near Highway Circle, Mysore-570 015. RNI.No KARKAN/2002/10091
